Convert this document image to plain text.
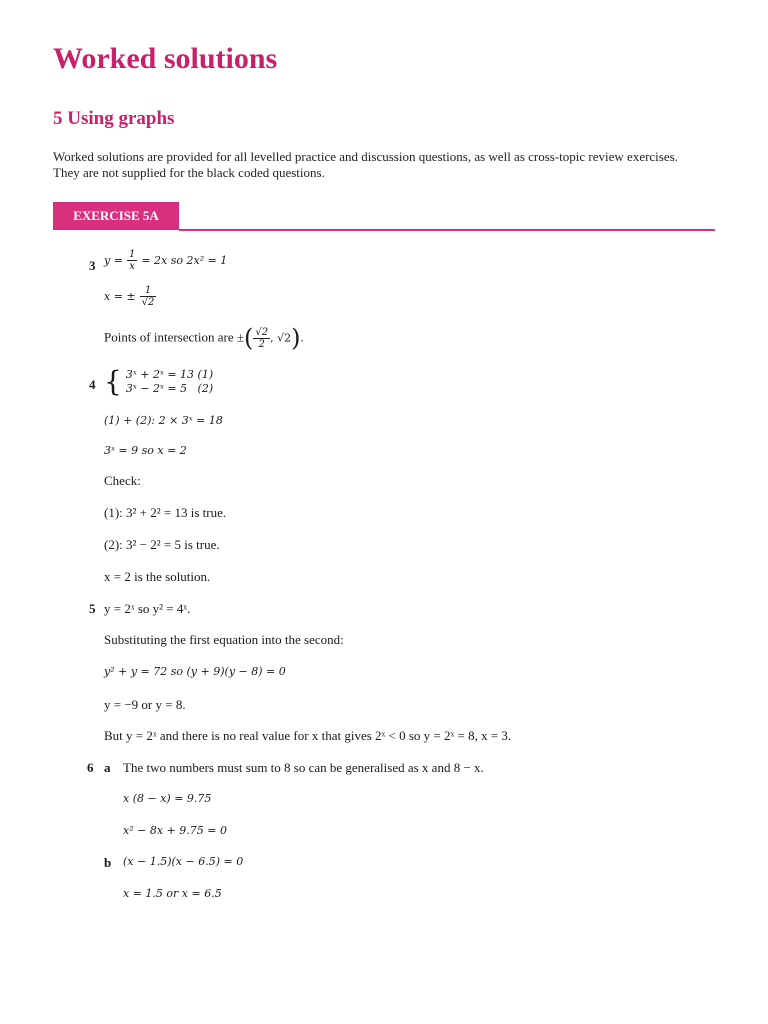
Worked solutions
5 Using graphs
Worked solutions are provided for all levelled practice and discussion questions, as well as cross-topic review exercises.
They are not supplied for the black coded questions.
EXERCISE 5A
3 $y = \frac{1}{x} = 2x$ so 2x² = 1
x = ± $\frac{1}{√2}$
Points of intersection are ±( $\frac{√2}{2}$ , √2).
4 { 3ˣ + 2ˣ = 13 (1)
3ˣ − 2ˣ = 5   (2)
(1) + (2): 2 × 3ˣ = 18
3ˣ = 9 so x = 2
Check:
(1): 3² + 2² = 13 is true.
(2): 3² − 2² = 5 is true.
x = 2 is the solution.
5 y = 2ˣ so y² = 4ˣ.
Substituting the first equation into the second:
y² + y = 72 so (y + 9)(y − 8) = 0
y = −9 or y = 8.
But y = 2ˣ and there is no real value for x that gives 2ˣ < 0 so y = 2ˣ = 8, x = 3.
6 a The two numbers must sum to 8 so can be generalised as x and 8 − x.
x (8 − x) = 9.75
x² − 8x + 9.75 = 0
b (x − 1.5)(x − 6.5) = 0
x = 1.5 or x = 6.5
